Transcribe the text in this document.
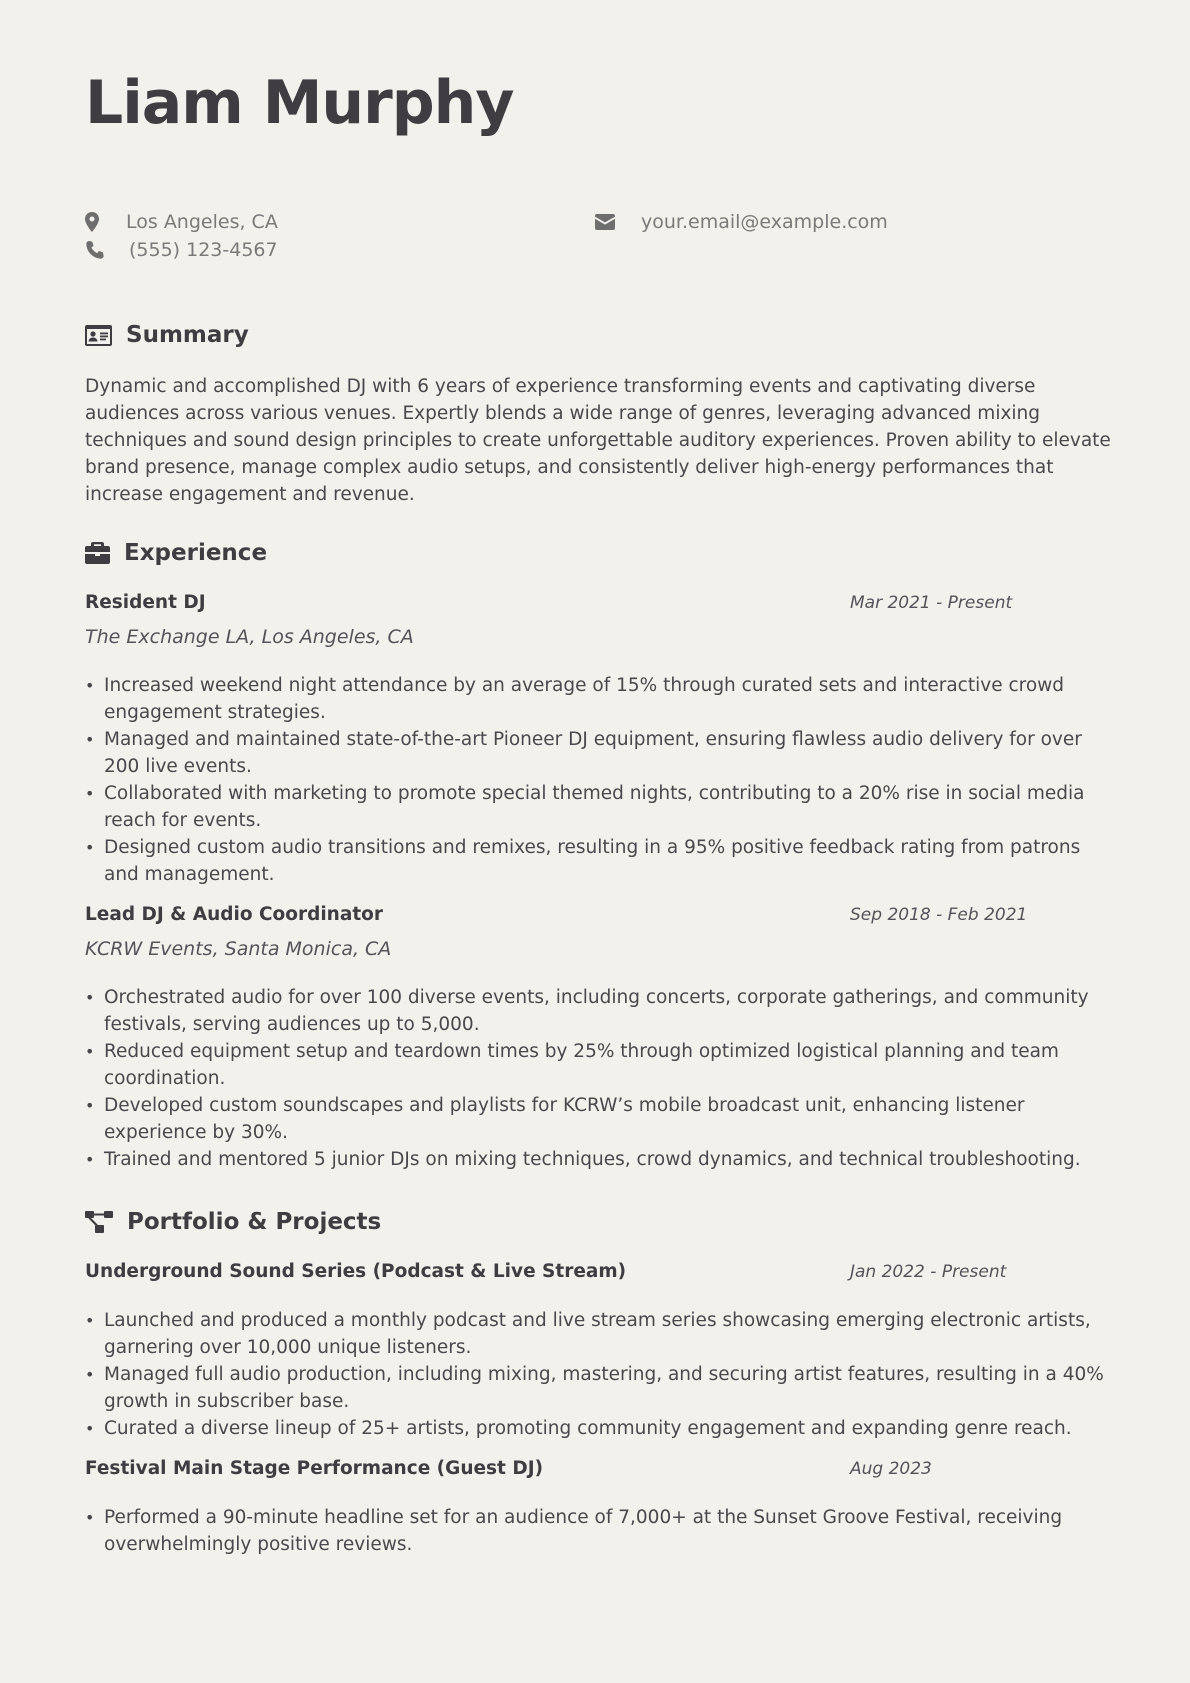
Liam Murphy
Los Angeles, CA
(555) 123-4567
your.email@example.com
Summary

Dynamic and accomplished DJ with 6 years of experience transforming events and captivating diverse audiences across various venues. Expertly blends a wide range of genres, leveraging advanced mixing techniques and sound design principles to create unforgettable auditory experiences. Proven ability to elevate brand presence, manage complex audio setups, and consistently deliver high-energy performances that increase engagement and revenue.

Experience
Resident DJ	Mar 2021 - Present
The Exchange LA, Los Angeles, CA
• Increased weekend night attendance by an average of 15% through curated sets and interactive crowd engagement strategies.
• Managed and maintained state-of-the-art Pioneer DJ equipment, ensuring flawless audio delivery for over 200 live events.
• Collaborated with marketing to promote special themed nights, contributing to a 20% rise in social media reach for events.
• Designed custom audio transitions and remixes, resulting in a 95% positive feedback rating from patrons and management.
Lead DJ & Audio Coordinator	Sep 2018 - Feb 2021
KCRW Events, Santa Monica, CA
• Orchestrated audio for over 100 diverse events, including concerts, corporate gatherings, and community festivals, serving audiences up to 5,000.
• Reduced equipment setup and teardown times by 25% through optimized logistical planning and team coordination.
• Developed custom soundscapes and playlists for KCRW’s mobile broadcast unit, enhancing listener experience by 30%.
• Trained and mentored 5 junior DJs on mixing techniques, crowd dynamics, and technical troubleshooting.
Portfolio & Projects
Underground Sound Series (Podcast & Live Stream)	Jan 2022 - Present
• Launched and produced a monthly podcast and live stream series showcasing emerging electronic artists, garnering over 10,000 unique listeners.
• Managed full audio production, including mixing, mastering, and securing artist features, resulting in a 40% growth in subscriber base.
• Curated a diverse lineup of 25+ artists, promoting community engagement and expanding genre reach.
Festival Main Stage Performance (Guest DJ)	Aug 2023
• Performed a 90-minute headline set for an audience of 7,000+ at the Sunset Groove Festival, receiving overwhelmingly positive reviews.
